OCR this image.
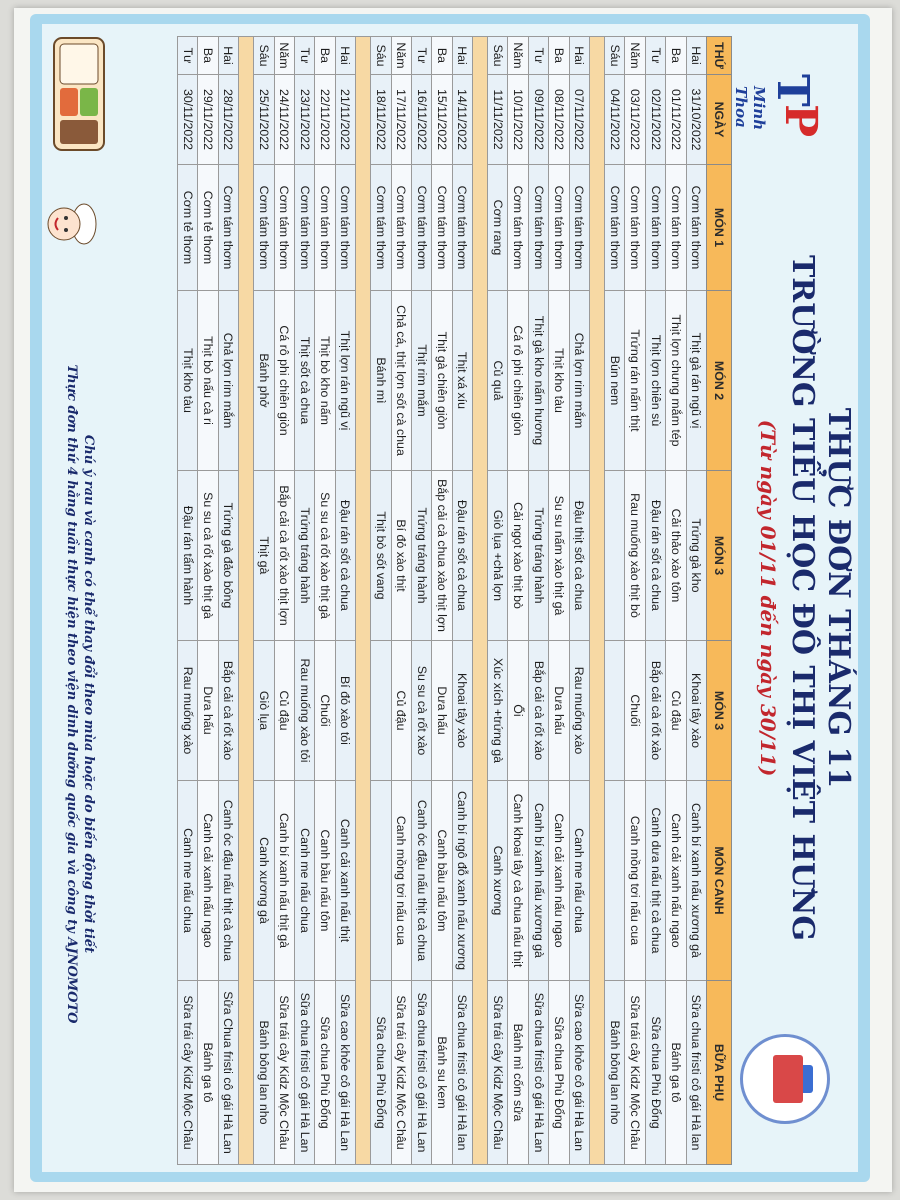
T
P
Minh Thoa
THỰC ĐƠN THÁNG 11
TRƯỜNG TIỂU HỌC ĐÔ THỊ VIỆT HƯNG
(Từ ngày 01/11 đến ngày 30/11)
THỨ	NGÀY	MÓN 1	MÓN 2	MÓN 3	MÓN 3	MÓN CANH	BỮA PHỤ
Hai	31/10/2022	Cơm tám thơm	Thịt gà rán ngũ vị	Trứng gà kho	Khoai tây xào	Canh bí xanh nấu xương gà	Sữa chua fristi cô gái Hà lan
Ba	01/11/2022	Cơm tám thơm	Thịt lợn chưng mắm tép	Cải thảo xào tôm	Củ đậu	Canh cải xanh nấu ngao	Bánh ga tô
Tư	02/11/2022	Cơm tám thơm	Thịt lợn chiên sù	Đậu rán sốt cà chua	Bắp cải cà rốt xào	Canh dưa nấu thịt cà chua	Sữa chua Phù Đổng
Năm	03/11/2022	Cơm tám thơm	Trứng rán nấm thịt	Rau muống xào thịt bò	Chuối	Canh mồng tơi nấu cua	Sữa trái cây Kidz Mộc Châu
Sáu	04/11/2022	Cơm tám thơm	Bún nem				Bánh bông lan nho

Hai	07/11/2022	Cơm tám thơm	Chả lợn rim mắm	Đậu thịt sốt cà chua	Rau muống xào	Canh me nấu chua	Sữa cao khỏe cô gái Hà Lan
Ba	08/11/2022	Cơm tám thơm	Thịt kho tàu	Su su nấm xào thịt gà	Dưa hấu	Canh cải xanh nấu ngao	Sữa chua Phù Đổng
Tư	09/11/2022	Cơm tám thơm	Thịt gà kho nấm hương	Trứng tráng hành	Bắp cải cà rốt xào	Canh bí xanh nấu xương gà	Sữa chua fristi cô gái Hà Lan
Năm	10/11/2022	Cơm tám thơm	Cá rô phi chiên giòn	Cải ngọt xào thịt bò	Ổi	Canh khoai tây cà chua nấu thịt	Bánh mì cốm sữa
Sáu	11/11/2022	Cơm rang	Củ quả	Giò lụa +chả lợn	Xúc xích +trứng gà	Canh xương	Sữa trái cây Kidz Mộc Châu

Hai	14/11/2022	Cơm tám thơm	Thịt xá xíu	Đậu rán sốt cà chua	Khoai tây xào	Canh bí ngô đỗ xanh nấu xương	Sữa chua fristi cô gái Hà lan
Ba	15/11/2022	Cơm tám thơm	Thịt gà chiên giòn	Bắp cải cà chua xào thịt lợn	Dưa hấu	Canh bầu nấu tôm	Bánh su kem
Tư	16/11/2022	Cơm tám thơm	Thịt rim mắm	Trứng tráng hành	Su su cà rốt xào	Canh óc đậu nấu thịt cà chua	Sữa chua fristi cô gái Hà Lan
Năm	17/11/2022	Cơm tám thơm	Chả cá, thịt lợn sốt cà chua	Bí đỏ xào thịt	Củ đậu	Canh mồng tơi nấu cua	Sữa trái cây Kidz Mộc Châu
Sáu	18/11/2022	Cơm tám thơm	Bánh mì	Thịt bò sốt vang			Sữa chua Phù Đổng

Hai	21/11/2022	Cơm tám thơm	Thịt lợn rán ngũ vị	Đậu rán sốt cà chua	Bí đỏ xào tỏi	Canh cải xanh nấu thịt	Sữa cao khỏe cô gái Hà Lan
Ba	22/11/2022	Cơm tám thơm	Thịt bò kho nấm	Su su cà rốt xào thịt gà	Chuối	Canh bầu nấu tôm	Sữa chua Phù Đổng
Tư	23/11/2022	Cơm tám thơm	Thịt sốt cà chua	Trứng tráng hành	Rau muống xào tỏi	Canh me nấu chua	Sữa chua fristi cô gái Hà Lan
Năm	24/11/2022	Cơm tám thơm	Cá rô phi chiên giòn	Bắp cải cà rốt xào thịt lợn	Củ đậu	Canh bí xanh nấu thịt gà	Sữa trái cây Kidz Mộc Châu
Sáu	25/11/2022	Cơm tám thơm	Bánh phở	Thịt gà	Giò lụa	Canh xương gà	Bánh bông lan nho

Hai	28/11/2022	Cơm tám thơm	Chả lợn rim mắm	Trứng gà đảo bông	Bắp cải cà rốt xào	Canh óc đậu nấu thịt cà chua	Sữa Chua fristi cô gái Hà Lan
Ba	29/11/2022	Cơm tẻ thơm	Thịt bò nấu cà ri	Su su cà rốt xào thịt gà	Dưa hấu	Canh cải xanh nấu ngao	Bánh ga tô
Tư	30/11/2022	Cơm tẻ thơm	Thịt kho tàu	Đậu rán tẩm hành	Rau muống xào	Canh me nấu chua	Sữa trái cây Kidz Mộc Châu
Chú ý rau và canh có thể thay đổi theo mùa hoặc do biến động thời tiết
Thực đơn thứ 4 hằng tuần thực hiện theo viện dinh dưỡng quốc gia và công ty AJNOMOTO
